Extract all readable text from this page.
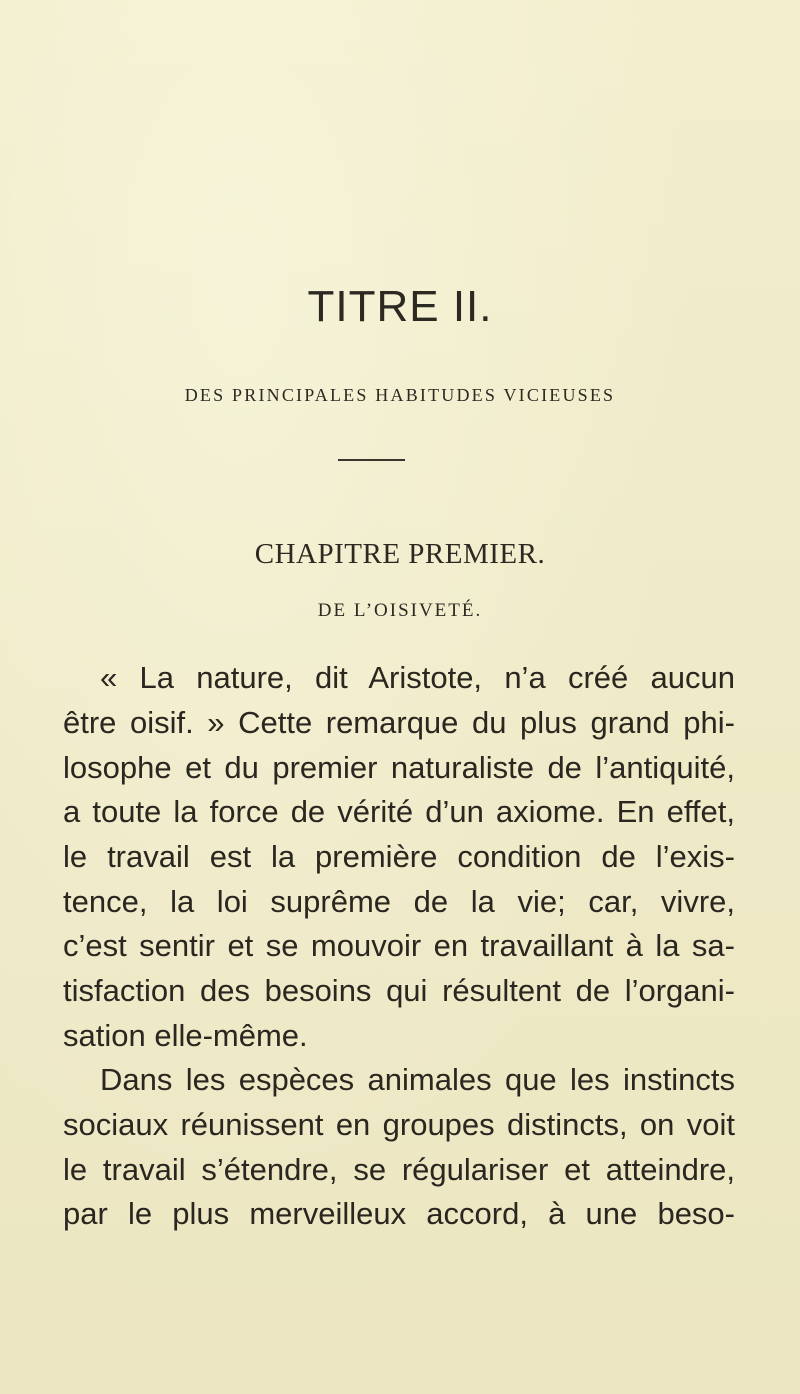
TITRE II.
DES PRINCIPALES HABITUDES VICIEUSES
CHAPITRE PREMIER.
DE L’OISIVETÉ.
« La nature, dit Aristote, n’a créé aucun
être oisif. » Cette remarque du plus grand phi-
losophe et du premier naturaliste de l’antiquité,
a toute la force de vérité d’un axiome. En effet,
le travail est la première condition de l’exis-
tence, la loi suprême de la vie; car, vivre,
c’est sentir et se mouvoir en travaillant à la sa-
tisfaction des besoins qui résultent de l’organi-
sation elle-même.
Dans les espèces animales que les instincts
sociaux réunissent en groupes distincts, on voit
le travail s’étendre, se régulariser et atteindre,
par le plus merveilleux accord, à une beso-
